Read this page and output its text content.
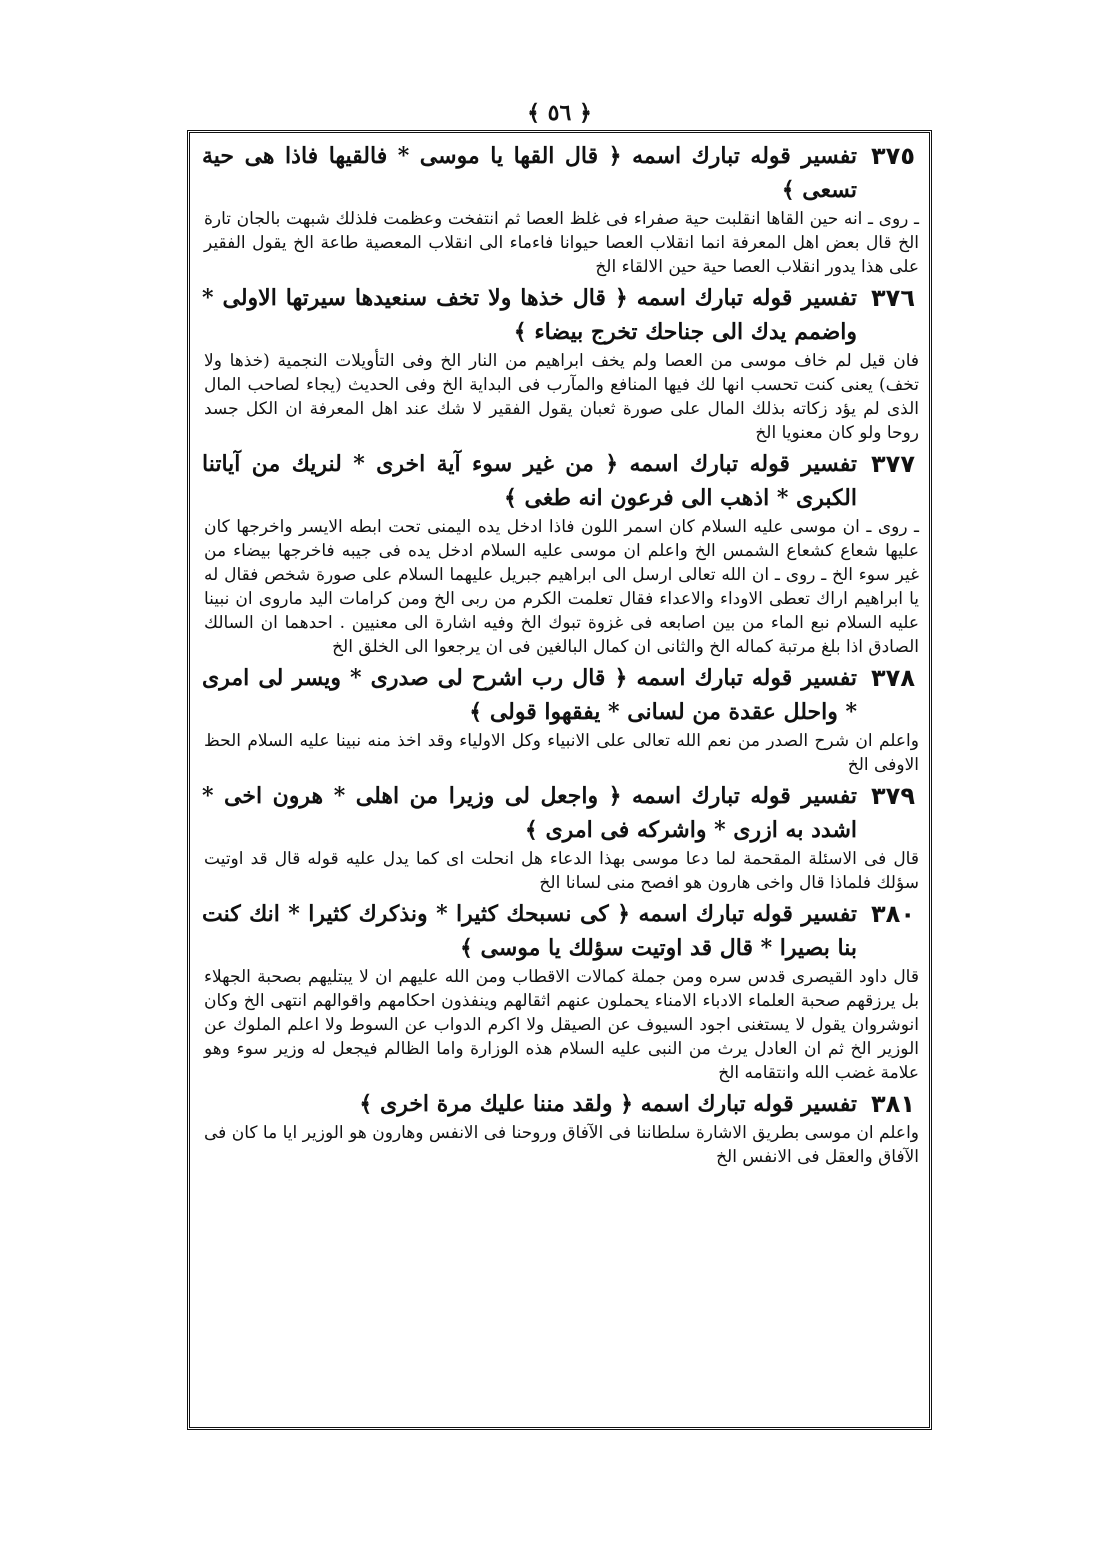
﴾ ٥٦ ﴿
٣٧٥
تفسير قوله تبارك اسمه ﴿ قال القها يا موسى * فالقيها فاذا هى حية تسعى ﴾
ـ روى ـ انه حين القاها انقلبت حية صفراء فى غلظ العصا ثم انتفخت وعظمت فلذلك شبهت بالجان تارة الخ قال بعض اهل المعرفة انما انقلاب العصا حيوانا فاءماء الى انقلاب المعصية طاعة الخ يقول الفقير على هذا يدور انقلاب العصا حية حين الالقاء الخ
٣٧٦
تفسير قوله تبارك اسمه ﴿ قال خذها ولا تخف سنعيدها سيرتها الاولى * واضمم يدك الى جناحك تخرج بيضاء ﴾
فان قيل لم خاف موسى من العصا ولم يخف ابراهيم من النار الخ وفى التأويلات النجمية (خذها ولا تخف) يعنى كنت تحسب انها لك فيها المنافع والمآرب فى البداية الخ وفى الحديث (يجاء لصاحب المال الذى لم يؤد زكاته بذلك المال على صورة ثعبان يقول الفقير لا شك عند اهل المعرفة ان الكل جسد روحا ولو كان معنويا الخ
٣٧٧
تفسير قوله تبارك اسمه ﴿ من غير سوء آية اخرى * لنريك من آياتنا الكبرى * اذهب الى فرعون انه طغى ﴾
ـ روى ـ ان موسى عليه السلام كان اسمر اللون فاذا ادخل يده اليمنى تحت ابطه الايسر واخرجها كان عليها شعاع كشعاع الشمس الخ واعلم ان موسى عليه السلام ادخل يده فى جيبه فاخرجها بيضاء من غير سوء الخ ـ روى ـ ان الله تعالى ارسل الى ابراهيم جبريل عليهما السلام على صورة شخص فقال له يا ابراهيم اراك تعطى الاوداء والاعداء فقال تعلمت الكرم من ربى الخ ومن كرامات اليد ماروى ان نبينا عليه السلام نبع الماء من بين اصابعه فى غزوة تبوك الخ وفيه اشارة الى معنيين . احدهما ان السالك الصادق اذا بلغ مرتبة كماله الخ والثانى ان كمال البالغين فى ان يرجعوا الى الخلق الخ
٣٧٨
تفسير قوله تبارك اسمه ﴿ قال رب اشرح لى صدرى * ويسر لى امرى * واحلل عقدة من لسانى * يفقهوا قولى ﴾
واعلم ان شرح الصدر من نعم الله تعالى على الانبياء وكل الاولياء وقد اخذ منه نبينا عليه السلام الحظ الاوفى الخ
٣٧٩
تفسير قوله تبارك اسمه ﴿ واجعل لى وزيرا من اهلى * هرون اخى * اشدد به ازرى * واشركه فى امرى ﴾
قال فى الاسئلة المقحمة لما دعا موسى بهذا الدعاء هل انحلت اى كما يدل عليه قوله قال قد اوتيت سؤلك فلماذا قال واخى هارون هو افصح منى لسانا الخ
٣٨٠
تفسير قوله تبارك اسمه ﴿ كى نسبحك كثيرا * ونذكرك كثيرا * انك كنت بنا بصيرا * قال قد اوتيت سؤلك يا موسى ﴾
قال داود القيصرى قدس سره ومن جملة كمالات الاقطاب ومن الله عليهم ان لا يبتليهم بصحبة الجهلاء بل يرزقهم صحبة العلماء الادباء الامناء يحملون عنهم اثقالهم وينفذون احكامهم واقوالهم انتهى الخ وكان انوشروان يقول لا يستغنى اجود السيوف عن الصيقل ولا اكرم الدواب عن السوط ولا اعلم الملوك عن الوزير الخ ثم ان العادل يرث من النبى عليه السلام هذه الوزارة واما الظالم فيجعل له وزير سوء وهو علامة غضب الله وانتقامه الخ
٣٨١
تفسير قوله تبارك اسمه ﴿ ولقد مننا عليك مرة اخرى ﴾
واعلم ان موسى بطريق الاشارة سلطاننا فى الآفاق وروحنا فى الانفس وهارون هو الوزير ايا ما كان فى الآفاق والعقل فى الانفس الخ
